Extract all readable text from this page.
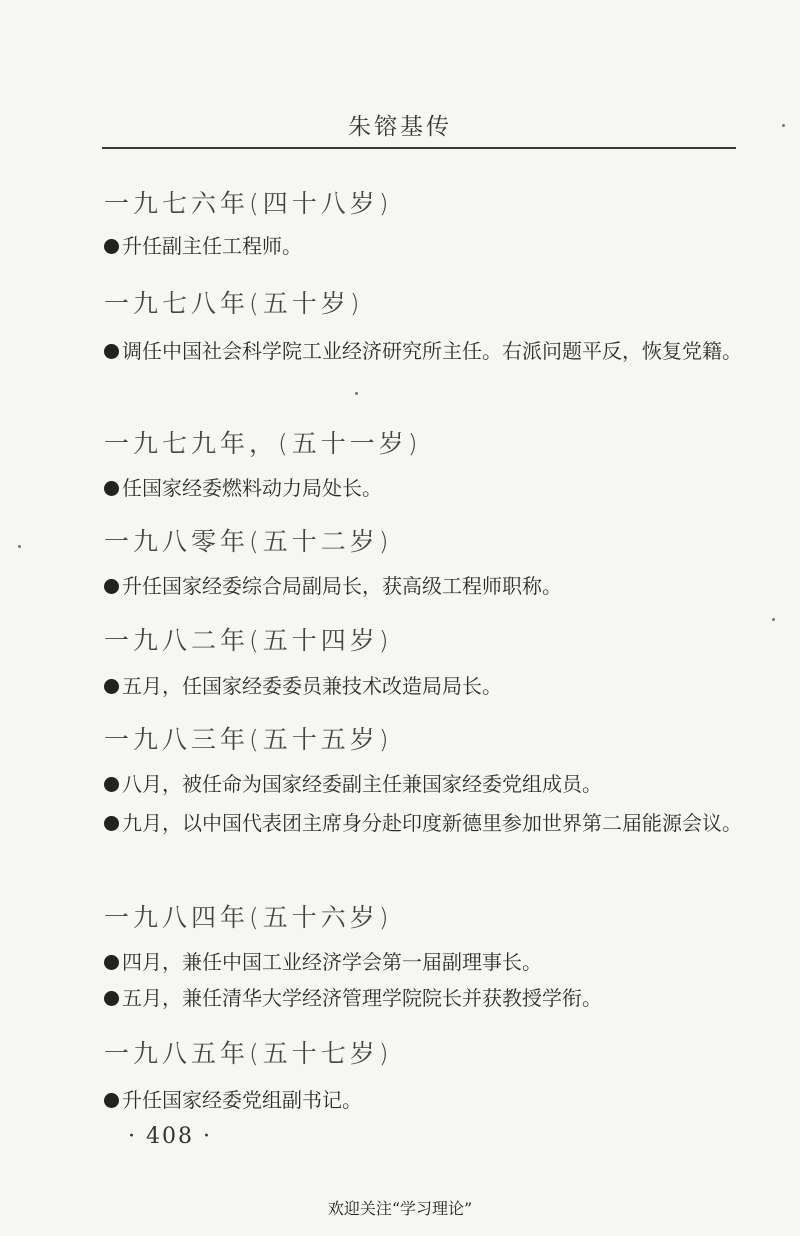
朱镕基传
一九七六年(四十八岁)
升任副主任工程师。
一九七八年(五十岁)
调任中国社会科学院工业经济研究所主任。右派问题平反，恢复党籍。
一九七九年，(五十一岁)
任国家经委燃料动力局处长。
一九八零年(五十二岁)
升任国家经委综合局副局长，获高级工程师职称。
一九八二年(五十四岁)
五月，任国家经委委员兼技术改造局局长。
一九八三年(五十五岁)
八月，被任命为国家经委副主任兼国家经委党组成员。
九月，以中国代表团主席身分赴印度新德里参加世界第二届能源会议。
一九八四年(五十六岁)
四月，兼任中国工业经济学会第一届副理事长。
五月，兼任清华大学经济管理学院院长并获教授学衔。
一九八五年(五十七岁)
升任国家经委党组副书记。
· 408 ·
欢迎关注“学习理论”
